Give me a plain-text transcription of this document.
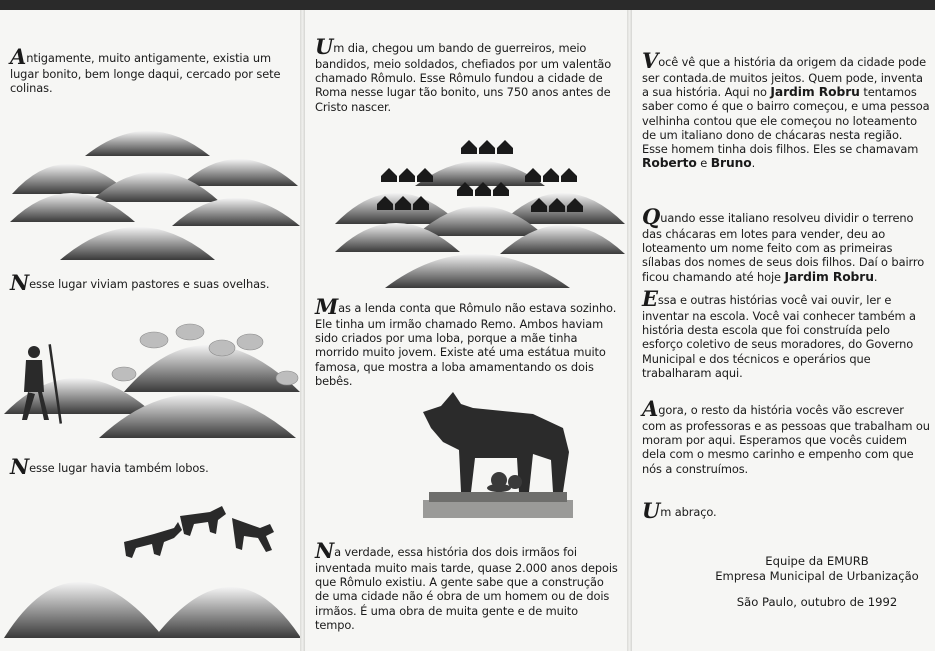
Antigamente, muito antigamente, existia um lugar bonito, bem longe daqui, cercado por sete colinas.
Nesse lugar viviam pastores e suas ovelhas.
Nesse lugar havia também lobos.
Um dia, chegou um bando de guerreiros, meio bandidos, meio soldados, chefiados por um valentão chamado Rômulo. Esse Rômulo fundou a cidade de Roma nesse lugar tão bonito, uns 750 anos antes de Cristo nascer.
Mas a lenda conta que Rômulo não estava sozinho. Ele tinha um irmão chamado Remo. Ambos haviam sido criados por uma loba, porque a mãe tinha morrido muito jovem. Existe até uma estátua muito famosa, que mostra a loba amamentando os dois bebês.
Na verdade, essa história dos dois irmãos foi inventada muito mais tarde, quase 2.000 anos depois que Rômulo existiu. A gente sabe que a construção de uma cidade não é obra de um homem ou de dois irmãos. É uma obra de muita gente e de muito tempo.
Você vê que a história da origem da cidade pode ser contada.de muitos jeitos. Quem pode, inventa a sua história. Aqui no Jardim Robru tentamos saber como é que o bairro começou, e uma pessoa velhinha contou que ele começou no loteamento de um italiano dono de chácaras nesta região. Esse homem tinha dois filhos. Eles se chamavam Roberto e Bruno.
Quando esse italiano resolveu dividir o terreno das chácaras em lotes para vender, deu ao loteamento um nome feito com as primeiras sílabas dos nomes de seus dois filhos. Daí o bairro ficou chamando até hoje Jardim Robru.
Essa e outras histórias você vai ouvir, ler e inventar na escola. Você vai conhecer também a história desta escola que foi construída pelo esforço coletivo de seus moradores, do Governo Municipal e dos técnicos e operários que trabalharam aqui.
Agora, o resto da história vocês vão escrever com as professoras e as pessoas que trabalham ou moram por aqui. Esperamos que vocês cuidem dela com o mesmo carinho e empenho com que nós a construímos.
Um abraço.
Equipe da EMURB
Empresa Municipal de Urbanização
São Paulo, outubro de 1992
